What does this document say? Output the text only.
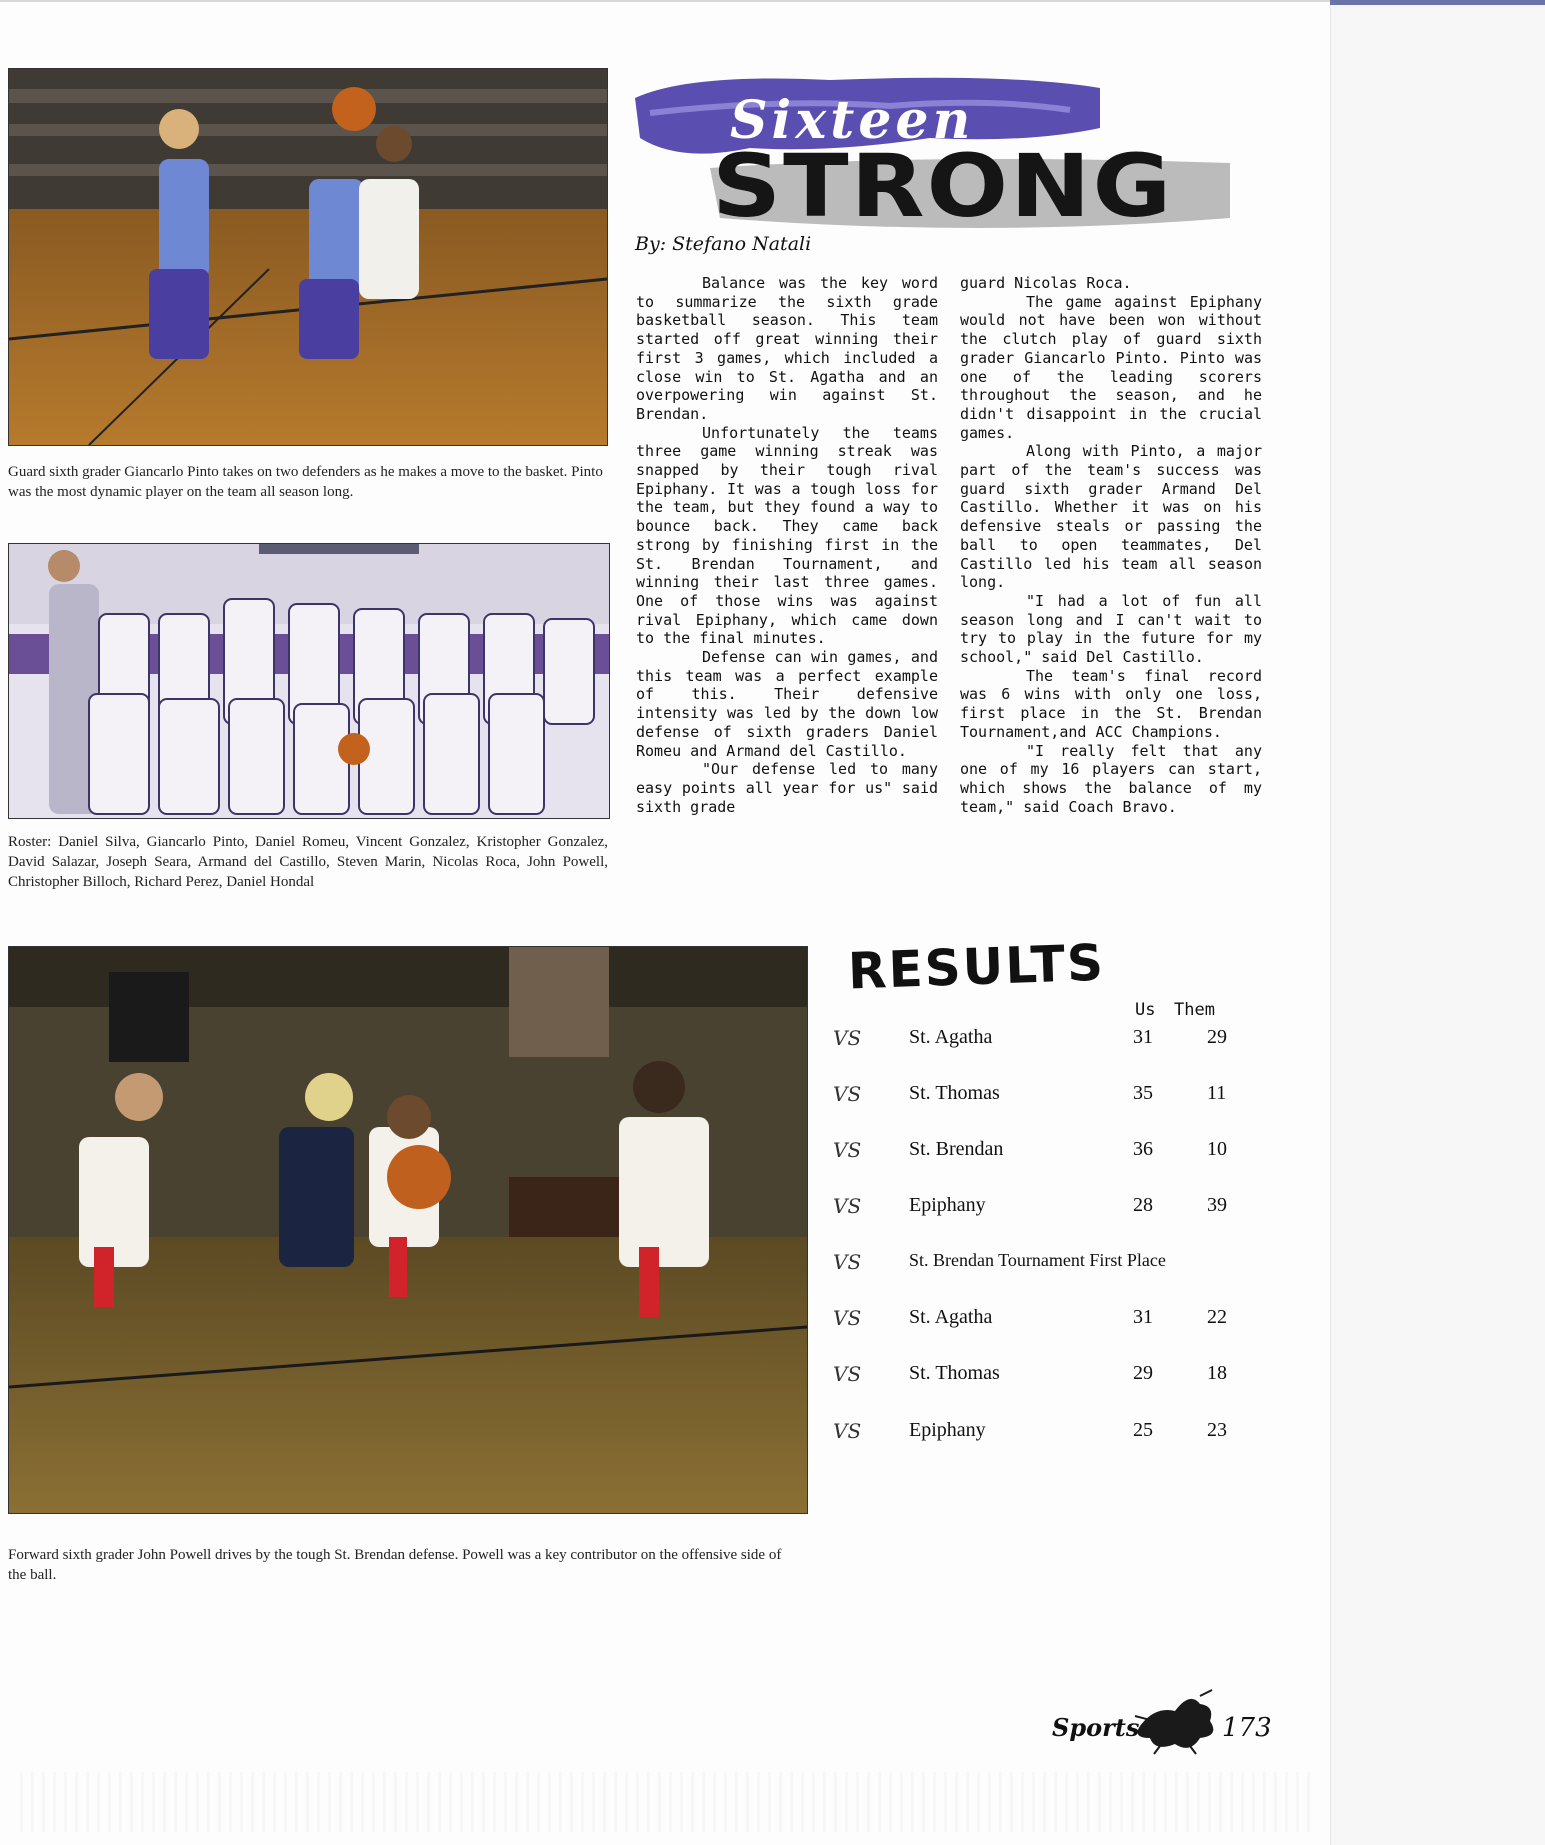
Guard sixth grader Giancarlo Pinto takes on two defenders as he makes a move to the basket. Pinto was the most dynamic player on the team all season long.
Roster: Daniel Silva, Giancarlo Pinto, Daniel Romeu, Vincent Gonzalez, Kristopher Gonzalez, David Salazar, Joseph Seara, Armand del Castillo, Steven Marin, Nicolas Roca, John Powell, Christopher Billoch, Richard Perez, Daniel Hondal
Forward sixth grader John Powell drives by the tough St. Brendan defense. Powell was a key contributor on the offensive side of the ball.
Sixteen
STRONG
By: Stefano Natali

Balance was the key word to summarize the sixth grade basketball season. This team started off great winning their first 3 games, which included a close win to St. Agatha and an overpowering win against St. Brendan.

Unfortunately the teams three game winning streak was snapped by their tough rival Epiphany. It was a tough loss for the team, but they found a way to bounce back. They came back strong by finishing first in the St. Brendan Tournament, and winning their last three games. One of those wins was against rival Epiphany, which came down to the final minutes.

Defense can win games, and this team was a perfect example of this. Their defensive intensity was led by the down low defense of sixth graders Daniel Romeu and Armand del Castillo.

"Our defense led to many easy points all year for us" said sixth grade

guard Nicolas Roca.

The game against Epiphany would not have been won without the clutch play of guard sixth grader Giancarlo Pinto. Pinto was one of the leading scorers throughout the season, and he didn't disappoint in the crucial games.

Along with Pinto, a major part of the team's success was guard sixth grader Armand Del Castillo. Whether it was on his defensive steals or passing the ball to open teammates, Del Castillo led his team all season long.

"I had a lot of fun all season long and I can't wait to try to play in the future for my school," said Del Castillo.

The team's final record was 6 wins with only one loss, first place in the St. Brendan Tournament,and ACC Champions.

"I really felt that any one of my 16 players can start, which shows the balance of my team," said Coach Bravo.

RESULTS
Us Them
VS St. Agatha	31	29
VS St. Thomas	35	11
VS St. Brendan	36	10
VS Epiphany	28	39
VS	St. Brendan Tournament First Place
VS St. Agatha	31	22
VS St. Thomas	29	18
VS Epiphany	25	23
Sports	173
